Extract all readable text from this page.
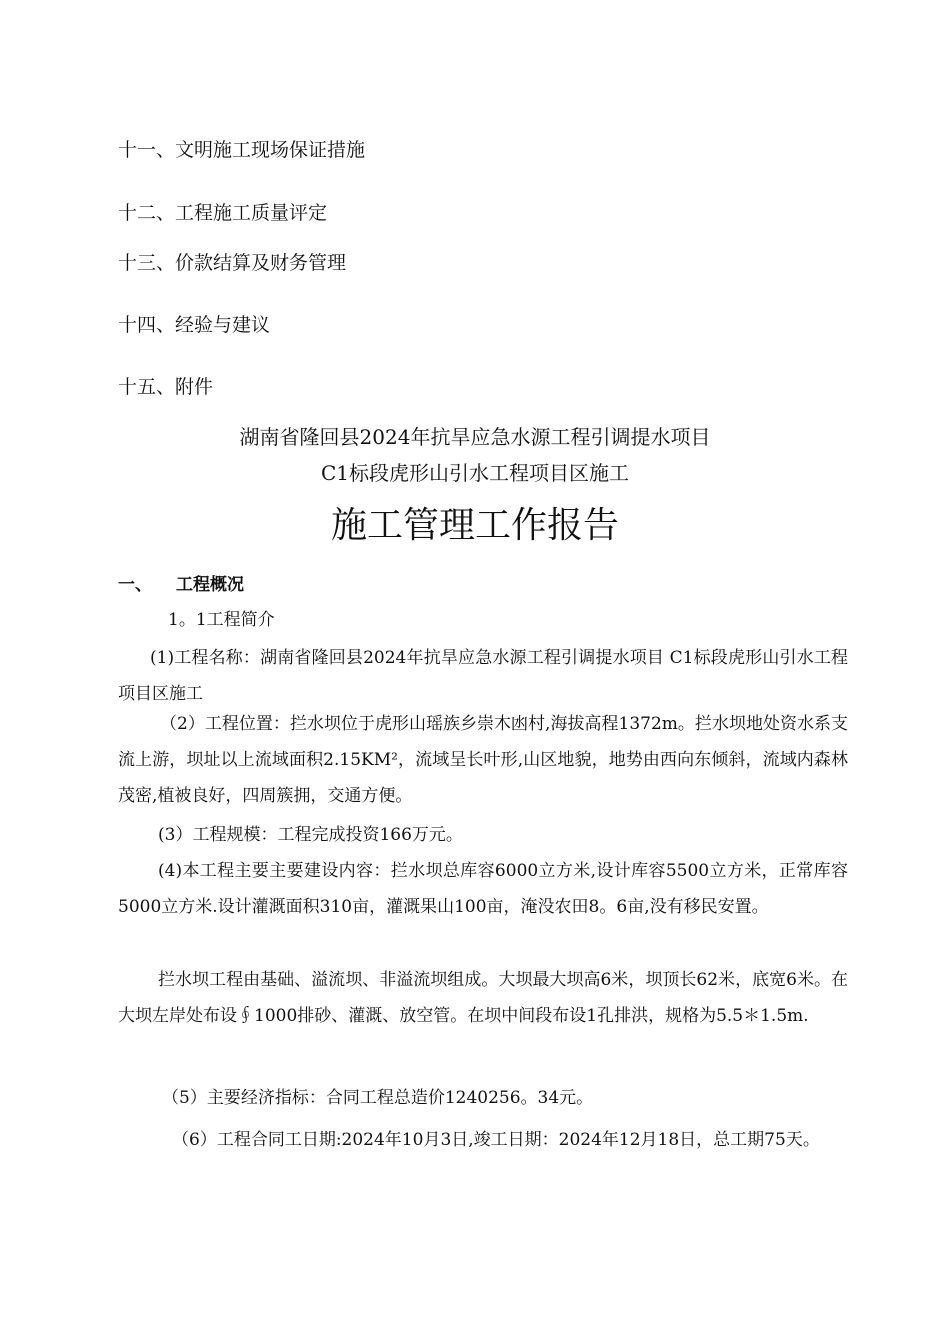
十一、文明施工现场保证措施
十二、工程施工质量评定
十三、价款结算及财务管理
十四、经验与建议
十五、附件
湖南省隆回县2024年抗旱应急水源工程引调提水项目
C1标段虎形山引水工程项目区施工
施工管理工作报告
一、 工程概况
1。1工程简介
(1)工程名称：湖南省隆回县2024年抗旱应急水源工程引调提水项目 C1标段虎形山引水工程项目区施工
（2）工程位置：拦水坝位于虎形山瑶族乡崇木凼村,海拔高程1372m。拦水坝地处资水系支流上游，坝址以上流域面积2.15KM²，流域呈长叶形,山区地貌，地势由西向东倾斜，流域内森林茂密,植被良好，四周簇拥，交通方便。
(3）工程规模：工程完成投资166万元。
(4)本工程主要主要建设内容：拦水坝总库容6000立方米,设计库容5500立方米，正常库容5000立方米.设计灌溉面积310亩，灌溉果山100亩，淹没农田8。6亩,没有移民安置。
拦水坝工程由基础、溢流坝、非溢流坝组成。大坝最大坝高6米，坝顶长62米，底宽6米。在大坝左岸处布设∮1000排砂、灌溉、放空管。在坝中间段布设1孔排洪，规格为5.5＊1.5m.
（5）主要经济指标：合同工程总造价1240256。34元。
（6）工程合同工日期:2024年10月3日,竣工日期：2024年12月18日，总工期75天。
